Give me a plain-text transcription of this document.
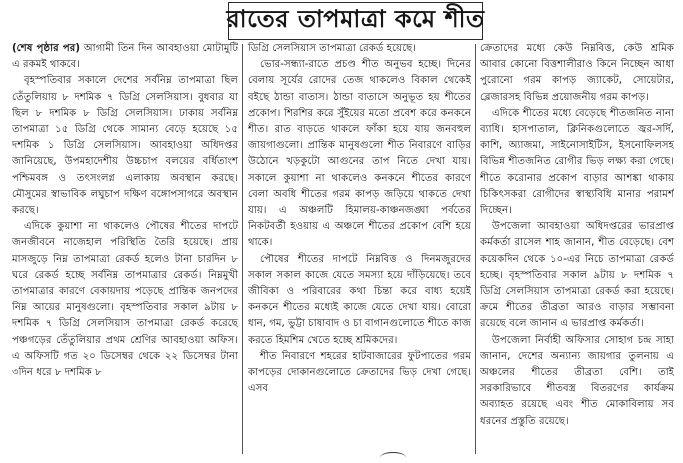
রাতের তাপমাত্রা কমে শীত

(শেষ পৃষ্ঠার পর) আগামী তিন দিন আবহাওয়া মোটামুটি এ রকমই থাকবে।

বৃহস্পতিবার সকালে দেশের সর্বনিম্ন তাপমাত্রা ছিল তেঁতুলিয়ায় ৮ দশমিক ৭ ডিগ্রি সেলসিয়াস। বুধবার যা ছিল ৮ দশমিক ৮ ডিগ্রি সেলসিয়াস। ঢাকায় সর্বনিম্ন তাপমাত্রা ১৫ ডিগ্রি থেকে সামান্য বেড়ে হয়েছে ১৫ দশমিক ১ ডিগ্রি সেলসিয়াস। আবহাওয়া অধিদপ্তর জানিয়েছে, উপমহাদেশীয় উচ্চচাপ বলয়ের বর্ধিতাংশ পশ্চিমবঙ্গ ও তৎসংলগ্ন এলাকায় অবস্থান করছে। মৌসুমের স্বাভাবিক লঘুচাপ দক্ষিণ বঙ্গোপসাগরে অবস্থান করছে।

এদিকে কুয়াশা না থাকলেও পৌষের শীতের দাপটে জনজীবনে নাজেহাল পরিস্থিতি তৈরি হয়েছে। প্রায় মাসজুড়ে নিম্ন তাপমাত্রা রেকর্ড হলেও টানা চারদিন ৮ ঘরে রেকর্ড হচ্ছে সর্বনিম্ন তাপমাত্রার রেকর্ড। নিম্নমুখী তাপমাত্রার কারণে বেকায়দায় পড়েছে প্রান্তিক জনপদের নিম্ন আয়ের মানুষগুলো। বৃহস্পতিবার সকাল ৯টায় ৮ দশমিক ৭ ডিগ্রি সেলসিয়াস তাপমাত্রা রেকর্ড করেছে পঞ্চগড়ের তেঁতুলিয়ার প্রথম শ্রেণির আবহাওয়া অফিস। এ অফিসটি গত ২০ ডিসেম্বর থেকে ২২ ডিসেম্বর টানা ৩দিন ধরে ৮ দশমিক ৮

ডিগ্রি সেলসিয়াস তাপমাত্রা রেকর্ড হয়েছে।

ভোর-সন্ধ্যা-রাতে প্রচণ্ড শীত অনুভব হচ্ছে। দিনের বেলায় সূর্যের রোদের তেজ থাকলেও বিকাল থেকেই বইছে ঠান্ডা বাতাস। ঠান্ডা বাতাসে অনুভূত হয় শীতের প্রকোপ। শিরশির করে সুঁইয়ের মতো প্রবেশ করে কনকনে শীত। রাত বাড়তে থাকলে ফাঁকা হয়ে যায় জনবহুল জায়গাগুলো। প্রান্তিক মানুষগুলো শীত নিবারণে বাড়ির উঠোনে খড়কুটো আগুনের তাপ নিতে দেখা যায়। সকালে কুয়াশা না থাকলেও কনকনে শীতের কারণে বেলা অবধি শীতের গরম কাপড় জড়িয়ে থাকতে দেখা যায়। এ অঞ্চলটি হিমালয়-কাঞ্চনজঙ্ঘা পর্বতের নিকটবর্তী হওয়ায় এ অঞ্চলে শীতের প্রকোপ বেশি হয়ে থাকে।

পৌষের শীতের দাপটে নিম্নবিত্ত ও দিনমজুরদের সকাল সকাল কাজে যেতে সমস্যা হয়ে দাঁড়িয়েছে। তবে জীবিকা ও পরিবারের কথা চিন্তা করে বাধ্য হয়েই কনকনে শীতের মধ্যেই কাজে যেতে দেখা যায়। বোরো ধান, গম, ভুট্টা চাষাবাদ ও চা বাগানগুলোতে শীতে কাজ করতে হিমশিম খেতে হচ্ছে শ্রমিকদের।

শীত নিবারণে শহরের হাটবাজারের ফুটপাতের গরম কাপড়ের দোকানগুলোতে ক্রেতাদের ভিড় দেখা গেছে। এসব

ক্রেতাদের মধ্যে কেউ নিম্নবিত্ত, কেউ শ্রমিক আবার কোনো বিত্তশালীরাও কিনে নিচ্ছেন আধা পুরোনো গরম কাপড় জ্যাকেট, সোয়েটার, ব্লেজারসহ বিভিন্ন প্রয়োজনীয় গরম কাপড়।

এদিকে শীতের মধ্যে বেড়েছে শীতজনিত নানা ব্যাধি। হাসপাতাল, ক্লিনিকগুলোতে জ্বর-সর্দি, কাশি, অ্যাজমা, সাইনোসাইটিস, ইসনোফিলসহ বিভিন্ন শীতজনিত রোগীর ভিড় লক্ষ্য করা গেছে। শীতে করোনার প্রকোপ বাড়ার আশঙ্কা থাকায় চিকিৎসকরা রোগীদের স্বাস্থ্যবিধি মানার পরামর্শ দিচ্ছেন।

উপজেলা আবহাওয়া অধিদপ্তরের ভারপ্রাপ্ত কর্মকর্তা রাসেল শাহ জানান, শীত বেড়েছে। বেশ কয়েকদিন থেকে ১০-এর নিচে তাপমাত্রা রেকর্ড হচ্ছে। বৃহস্পতিবার সকাল ৯টায় ৮ দশমিক ৭ ডিগ্রি সেলসিয়াস তাপমাত্রা রেকর্ড করা হয়েছে। ক্রমে শীতের তীব্রতা আরও বাড়ার সম্ভাবনা রয়েছে বলে জানান এ ভারপ্রাপ্ত কর্মকর্তা।

উপজেলা নির্বাহী অফিসার সোহাগ চন্দ্র সাহা জানান, দেশের অন্যান্য জায়গার তুলনায় এ অঞ্চলের শীতের তীব্রতা বেশি। তাই সরকারিভাবে শীতবস্ত্র বিতরণের কার্যক্রম অব্যাহত রয়েছে এবং শীত মোকাবিলায় সব ধরনের প্রস্তুতি রয়েছে।
